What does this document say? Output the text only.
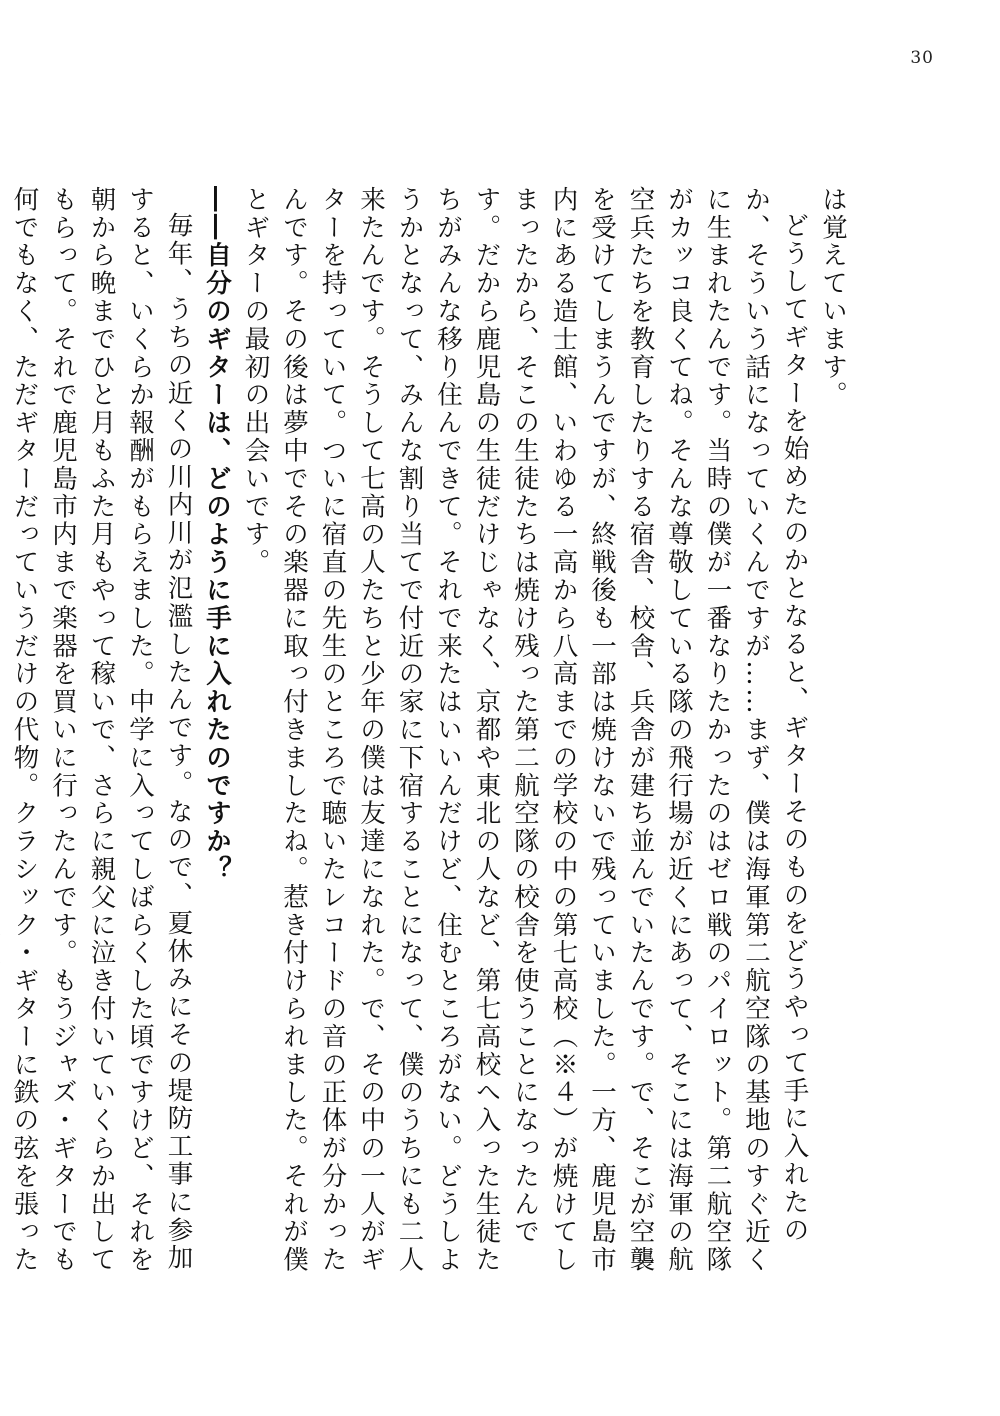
30

は覚えています。

どうしてギターを始めたのかとなると、ギターそのものをどうやって手に入れたのか、そういう話になっていくんですが……まず、僕は海軍第二航空隊の基地のすぐ近くに生まれたんです。当時の僕が一番なりたかったのはゼロ戦のパイロット。第二航空隊がカッコ良くてね。そんな尊敬している隊の飛行場が近くにあって、そこには海軍の航空兵たちを教育したりする宿舎、校舎、兵舎が建ち並んでいたんです。で、そこが空襲を受けてしまうんですが、終戦後も一部は焼けないで残っていました。一方、鹿児島市内にある造士館、いわゆる一高から八高までの学校の中の第七高校（※４）が焼けてしまったから、そこの生徒たちは焼け残った第二航空隊の校舎を使うことになったんです。だから鹿児島の生徒だけじゃなく、京都や東北の人など、第七高校へ入った生徒たちがみんな移り住んできて。それで来たはいいんだけど、住むところがない。どうしようかとなって、みんな割り当てで付近の家に下宿することになって、僕のうちにも二人来たんです。そうして七高の人たちと少年の僕は友達になれた。で、その中の一人がギターを持っていて。ついに宿直の先生のところで聴いたレコードの音の正体が分かったんです。その後は夢中でその楽器に取っ付きましたね。惹き付けられました。それが僕とギターの最初の出会いです。

――自分のギターは、どのように手に入れたのですか？

毎年、うちの近くの川内川が氾濫したんです。なので、夏休みにその堤防工事に参加すると、いくらか報酬がもらえました。中学に入ってしばらくした頃ですけど、それを朝から晩までひと月もふた月もやって稼いで、さらに親父に泣き付いていくらか出してもらって。それで鹿児島市内まで楽器を買いに行ったんです。もうジャズ・ギターでも何でもなく、ただギターだっていうだけの代物。クラシック・ギターに鉄の弦を張った
